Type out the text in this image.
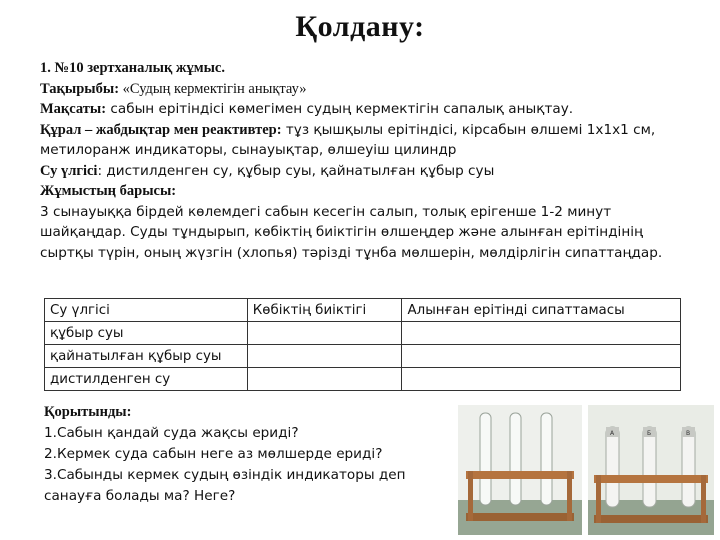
Қолдану:

1. №10 зертханалық жұмыс.

Тақырыбы: «Судың кермектігін анықтау»

Мақсаты: сабын ерітіндісі көмегімен судың кермектігін сапалық анықтау.

Құрал – жабдықтар мен реактивтер: тұз қышқылы ерітіндісі, кірсабын өлшемі 1х1х1 см, метилоранж индикаторы, сынауықтар, өлшеуіш цилиндр

Су үлгісі: дистилденген су, құбыр суы, қайнатылған құбыр суы

Жұмыстың барысы:

3 сынауыққа бірдей көлемдегі сабын кесегін салып, толық ерігенше 1-2 минут шайқаңдар. Суды тұндырып, көбіктің биіктігін өлшеңдер және алынған ерітіндінің сыртқы түрін, оның жүзгін (хлопья) тәрізді тұнба мөлшерін, мөлдірлігін сипаттаңдар.

Су үлгісі	Көбіктің биіктігі	Алынған ерітінді сипаттамасы
құбыр суы		
қайнатылған құбыр суы		
дистилденген су		
Қорытынды:
1.Сабын қандай суда жақсы ериді?
2.Кермек суда сабын неге аз мөлшерде ериді?
3.Сабынды кермек судың өзіндік индикаторы деп
санауға болады ма? Неге?
A	Б	В
